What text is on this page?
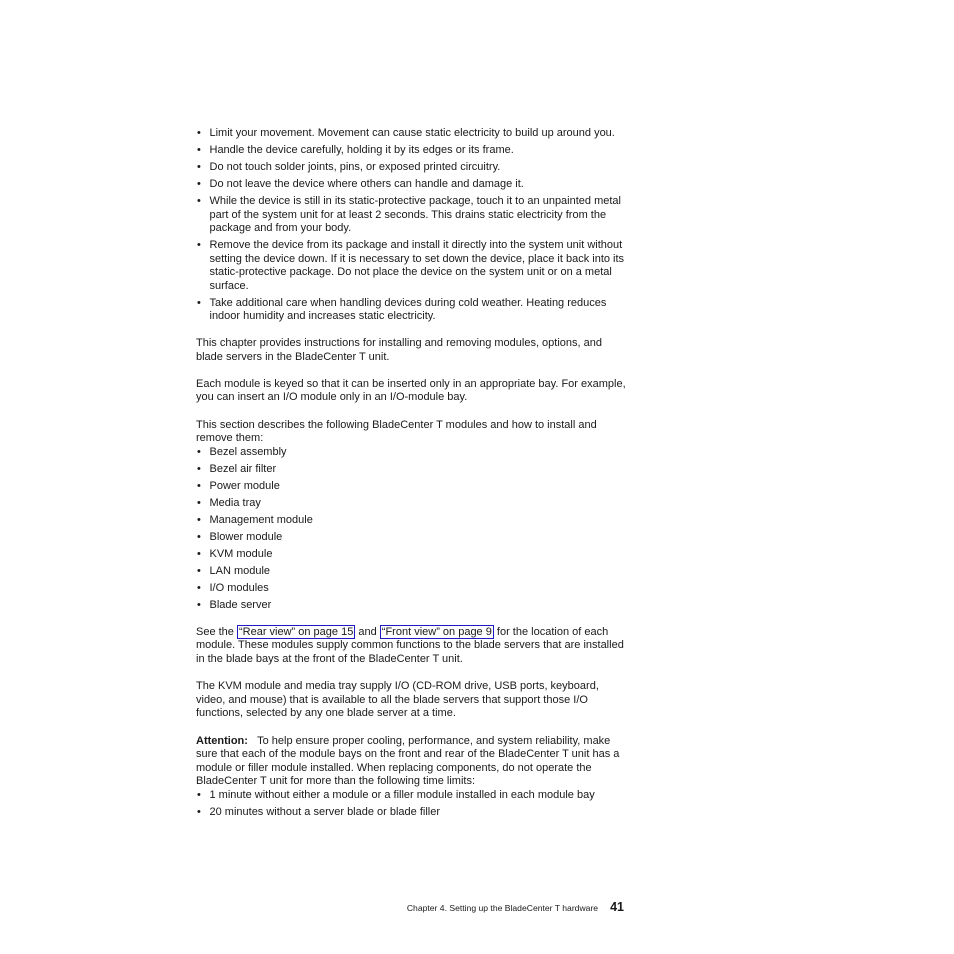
• Limit your movement. Movement can cause static electricity to build up around you.
• Handle the device carefully, holding it by its edges or its frame.
• Do not touch solder joints, pins, or exposed printed circuitry.
• Do not leave the device where others can handle and damage it.
• While the device is still in its static-protective package, touch it to an unpainted metal part of the system unit for at least 2 seconds. This drains static electricity from the package and from your body.
• Remove the device from its package and install it directly into the system unit without setting the device down. If it is necessary to set down the device, place it back into its static-protective package. Do not place the device on the system unit or on a metal surface.
• Take additional care when handling devices during cold weather. Heating reduces indoor humidity and increases static electricity.

This chapter provides instructions for installing and removing modules, options, and blade servers in the BladeCenter T unit.

Each module is keyed so that it can be inserted only in an appropriate bay. For example, you can insert an I/O module only in an I/O-module bay.

This section describes the following BladeCenter T modules and how to install and remove them:

• Bezel assembly
• Bezel air filter
• Power module
• Media tray
• Management module
• Blower module
• KVM module
• LAN module
• I/O modules
• Blade server

See the “Rear view” on page 15 and “Front view” on page 9 for the location of each module. These modules supply common functions to the blade servers that are installed in the blade bays at the front of the BladeCenter T unit.

The KVM module and media tray supply I/O (CD-ROM drive, USB ports, keyboard, video, and mouse) that is available to all the blade servers that support those I/O functions, selected by any one blade server at a time.

Attention: To help ensure proper cooling, performance, and system reliability, make sure that each of the module bays on the front and rear of the BladeCenter T unit has a module or filler module installed. When replacing components, do not operate the BladeCenter T unit for more than the following time limits:

• 1 minute without either a module or a filler module installed in each module bay
• 20 minutes without a server blade or blade filler
Chapter 4. Setting up the BladeCenter T hardware 41
